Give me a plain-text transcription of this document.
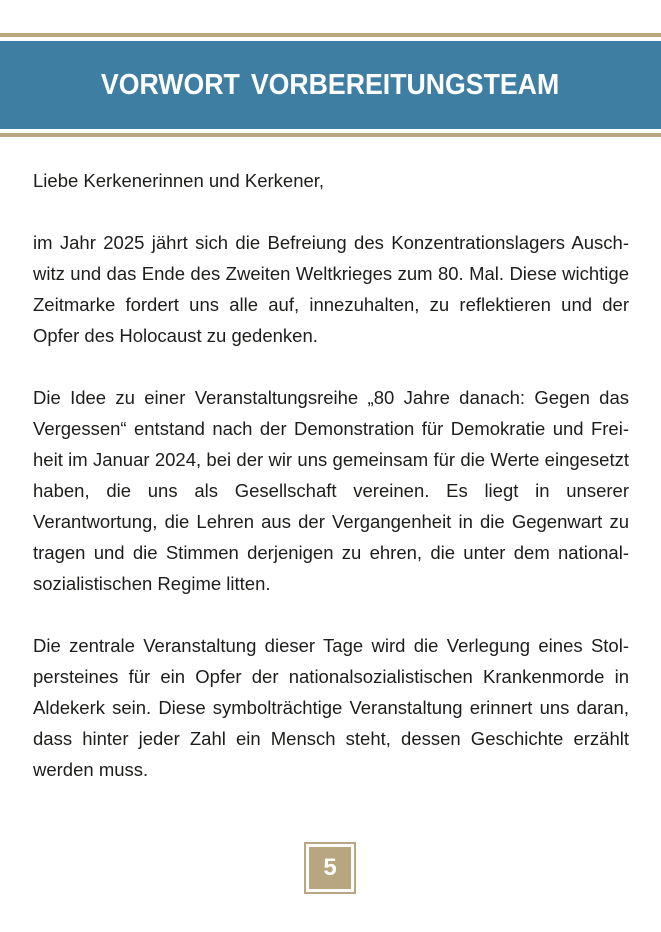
VORWORT VORBEREITUNGSTEAM

Liebe Kerkenerinnen und Kerkener,

im Jahr 2025 jährt sich die Befreiung des Konzentrationslagers Auschwitz und das Ende des Zweiten Weltkrieges zum 80. Mal. Diese wichtige Zeitmarke fordert uns alle auf, innezuhalten, zu reflektieren und der Opfer des Holocaust zu gedenken.

Die Idee zu einer Veranstaltungsreihe „80 Jahre danach: Gegen das Vergessen“ entstand nach der Demonstration für Demokratie und Freiheit im Januar 2024, bei der wir uns gemeinsam für die Werte eingesetzt haben, die uns als Gesellschaft vereinen. Es liegt in unserer Verantwortung, die Lehren aus der Vergangenheit in die Gegenwart zu tragen und die Stimmen derjenigen zu ehren, die unter dem nationalsozialistischen Regime litten.

Die zentrale Veranstaltung dieser Tage wird die Verlegung eines Stolpersteines für ein Opfer der nationalsozialistischen Krankenmorde in Aldekerk sein. Diese symbolträchtige Veranstaltung erinnert uns daran, dass hinter jeder Zahl ein Mensch steht, dessen Geschichte erzählt werden muss.

5
